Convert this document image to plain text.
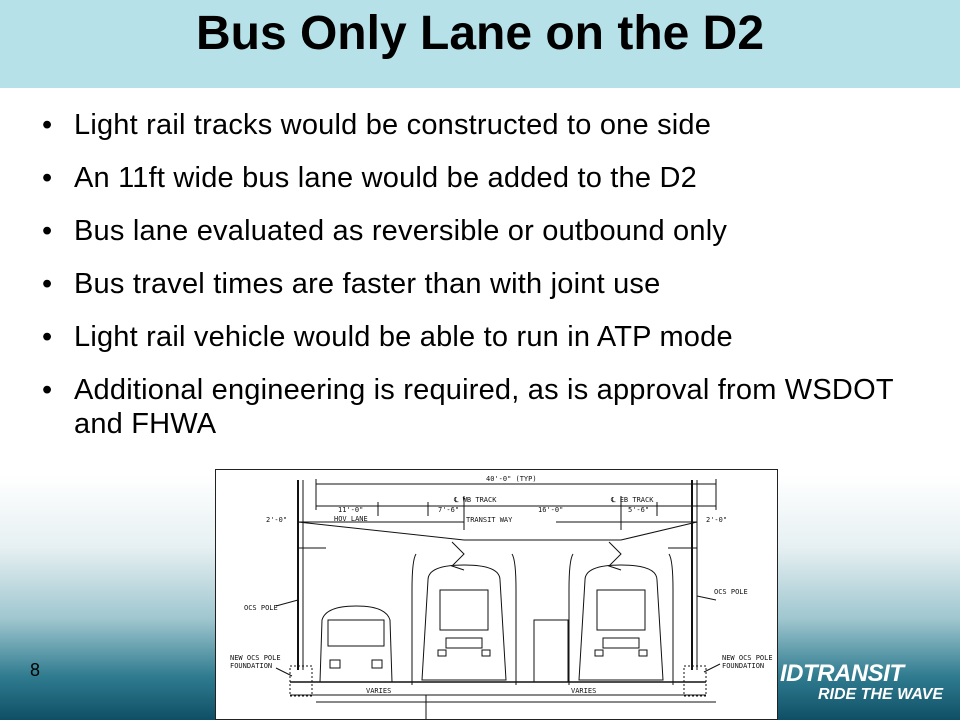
Bus Only Lane on the D2
• Light rail tracks would be constructed to one side
• An 11ft wide bus lane would be added to the D2
• Bus lane evaluated as reversible or outbound only
• Bus travel times are faster than with joint use
• Light rail vehicle would be able to run in ATP mode
• Additional engineering is required, as is approval from WSDOT and FHWA
8
40'-0" (TYP)
℄ WB TRACK	℄ EB TRACK
11'-0"
HOV LANE
7'-6"
TRANSIT WAY
16'-0"	5'-6"
2'-0"	2'-0"
OCS POLE
OCS POLE
NEW OCS POLE
FOUNDATION
NEW OCS POLE
FOUNDATION
VARIES	VARIES
IDTRANSIT
RIDE THE WAVE
